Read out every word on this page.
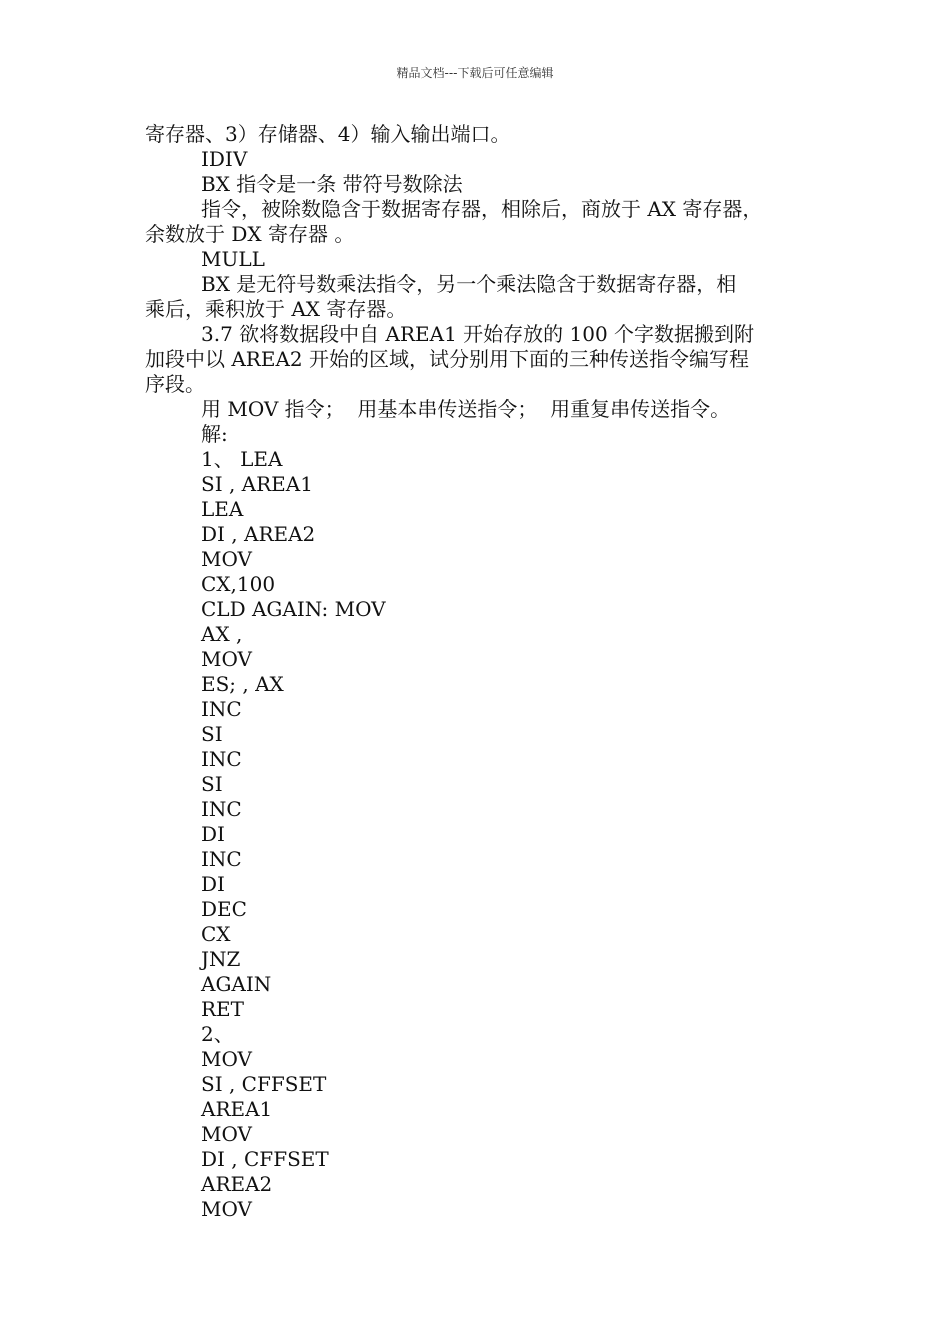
精品文档---下载后可任意编辑
寄存器、3）存储器、4）输入输出端口。
IDIV
BX 指令是一条 带符号数除法
指令，被除数隐含于数据寄存器，相除后，商放于 AX 寄存器，
余数放于 DX 寄存器 。
MULL
BX 是无符号数乘法指令，另一个乘法隐含于数据寄存器，相
乘后，乘积放于 AX 寄存器。
3.7 欲将数据段中自 AREA1 开始存放的 100 个字数据搬到附
加段中以 AREA2 开始的区域，试分别用下面的三种传送指令编写程
序段。
用 MOV 指令；  用基本串传送指令；  用重复串传送指令。
解:
1、 LEA
SI , AREA1
LEA
DI , AREA2
MOV
CX,100
CLD AGAIN: MOV
AX ,
MOV
ES; , AX
INC
SI
INC
SI
INC
DI
INC
DI
DEC
CX
JNZ
AGAIN
RET
2、
MOV
SI , CFFSET
AREA1
MOV
DI , CFFSET
AREA2
MOV
